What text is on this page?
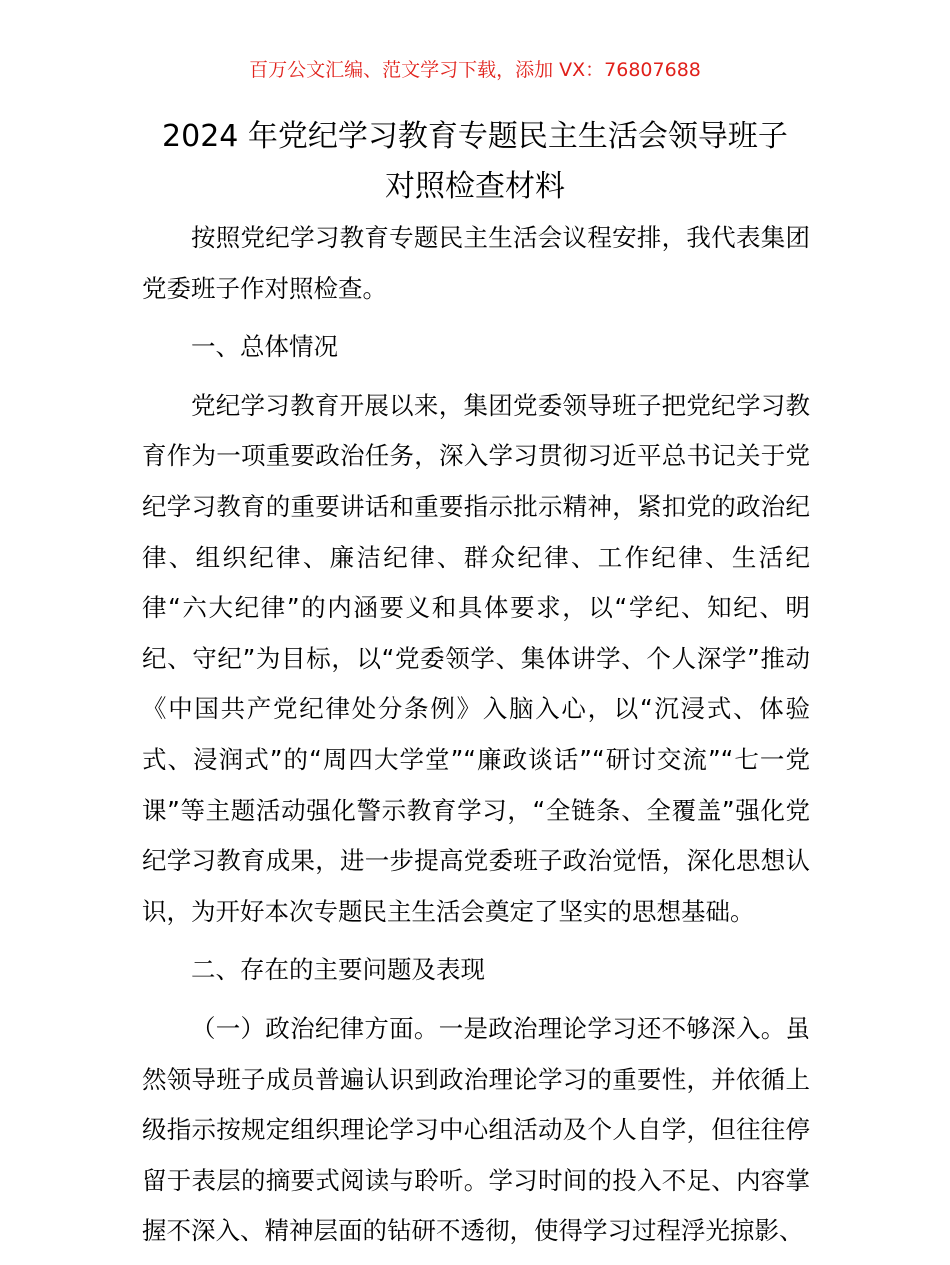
百万公文汇编、范文学习下载，添加 VX：76807688
2024 年党纪学习教育专题民主生活会领导班子
对照检查材料

按照党纪学习教育专题民主生活会议程安排，我代表集团党委班子作对照检查。

一、总体情况

党纪学习教育开展以来，集团党委领导班子把党纪学习教育作为一项重要政治任务，深入学习贯彻习近平总书记关于党纪学习教育的重要讲话和重要指示批示精神，紧扣党的政治纪律、组织纪律、廉洁纪律、群众纪律、工作纪律、生活纪律“六大纪律”的内涵要义和具体要求，以“学纪、知纪、明纪、守纪”为目标，以“党委领学、集体讲学、个人深学”推动《中国共产党纪律处分条例》入脑入心，以“沉浸式、体验式、浸润式”的“周四大学堂”“廉政谈话”“研讨交流”“七一党课”等主题活动强化警示教育学习，“全链条、全覆盖”强化党纪学习教育成果，进一步提高党委班子政治觉悟，深化思想认识，为开好本次专题民主生活会奠定了坚实的思想基础。

二、存在的主要问题及表现

（一）政治纪律方面。一是政治理论学习还不够深入。虽然领导班子成员普遍认识到政治理论学习的重要性，并依循上级指示按规定组织理论学习中心组活动及个人自学，但往往停留于表层的摘要式阅读与聆听。学习时间的投入不足、内容掌握不深入、精神层面的钻研不透彻，使得学习过程浮光掠影、
